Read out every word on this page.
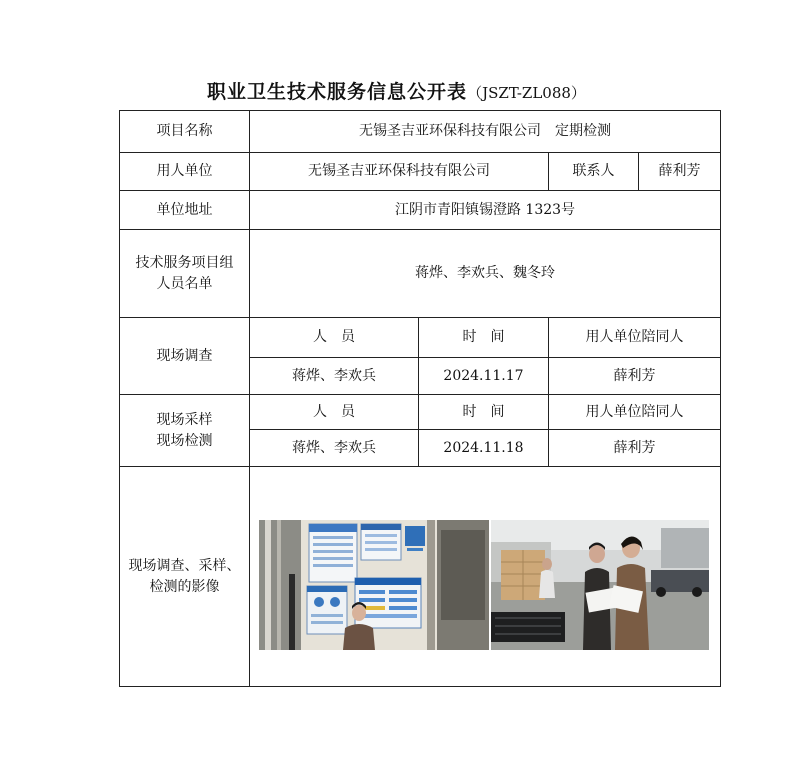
职业卫生技术服务信息公开表（JSZT-ZL088）
项目名称	无锡圣吉亚环保科技有限公司　定期检测			
用人单位	无锡圣吉亚环保科技有限公司		联系人	薛利芳
单位地址	江阴市青阳镇锡澄路 1323号			

技术服务项目组
人员名单	蒋烨、李欢兵、魏冬玲			
现场调查	人　员	时　间	用人单位陪同人	
	蒋烨、李欢兵	2024.11.17	薛利芳	

现场采样
现场检测	人　员	时　间	用人单位陪同人	
	蒋烨、李欢兵	2024.11.18	薛利芳	

现场调查、采样、
检测的影像
